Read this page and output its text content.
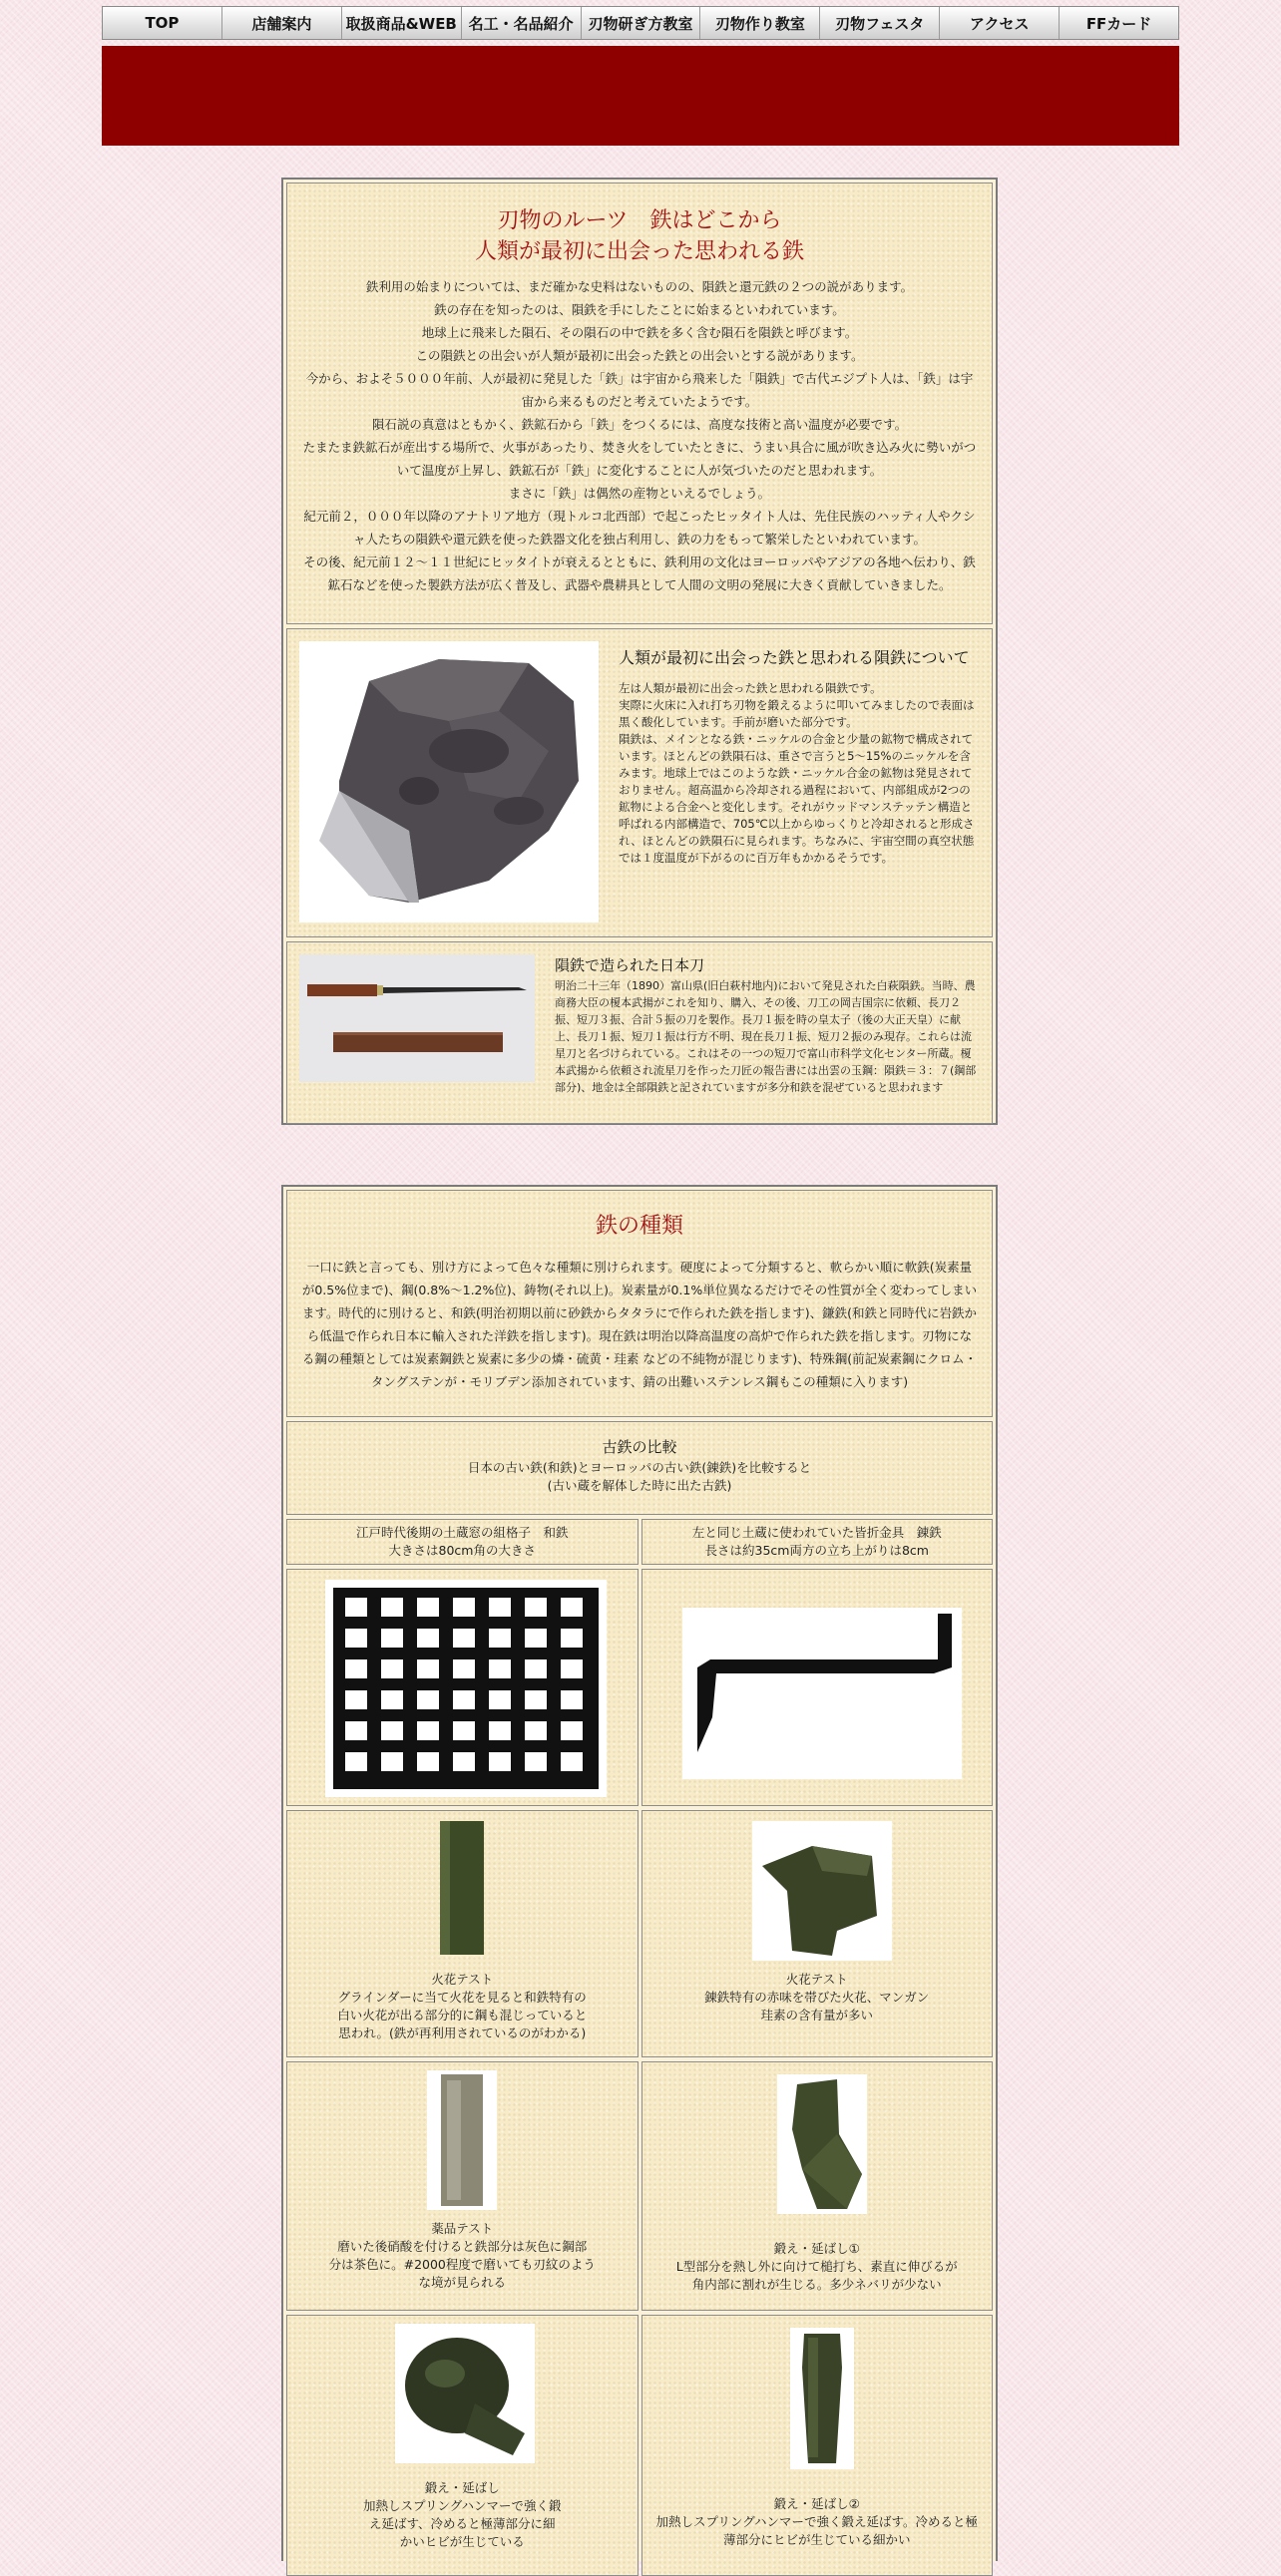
TOP	店舗案内	取扱商品&WEB 名工・名品紹介 刃物研ぎ方教室	刃物作り教室	刃物フェスタ	アクセス	FFカード
刃物のルーツ　鉄はどこから
人類が最初に出会った思われる鉄

鉄利用の始まりについては、まだ確かな史料はないものの、隕鉄と還元鉄の２つの説があります。

鉄の存在を知ったのは、隕鉄を手にしたことに始まるといわれています。

地球上に飛来した隕石、その隕石の中で鉄を多く含む隕石を隕鉄と呼びます。

この隕鉄との出会いが人類が最初に出会った鉄との出会いとする説があります。

今から、およそ５０００年前、人が最初に発見した「鉄」は宇宙から飛来した「隕鉄」で古代エジプト人は、「鉄」は宇宙から来るものだと考えていたようです。

隕石説の真意はともかく、鉄鉱石から「鉄」をつくるには、高度な技術と高い温度が必要です。

たまたま鉄鉱石が産出する場所で、火事があったり、焚き火をしていたときに、うまい具合に風が吹き込み火に勢いがついて温度が上昇し、鉄鉱石が「鉄」に変化することに人が気づいたのだと思われます。

まさに「鉄」は偶然の産物といえるでしょう。

紀元前２，０００年以降のアナトリア地方（現トルコ北西部）で起こったヒッタイト人は、先住民族のハッティ人やクシャ人たちの隕鉄や還元鉄を使った鉄器文化を独占利用し、鉄の力をもって繁栄したといわれています。

その後、紀元前１２～１１世紀にヒッタイトが衰えるとともに、鉄利用の文化はヨーロッパやアジアの各地へ伝わり、鉄鉱石などを使った製鉄方法が広く普及し、武器や農耕具として人間の文明の発展に大きく貢献していきました。

人類が最初に出会った鉄と思われる隕鉄について

左は人類が最初に出会った鉄と思われる隕鉄です。

実際に火床に入れ打ち刃物を鍛えるように叩いてみましたので表面は黒く酸化しています。手前が磨いた部分です。

隕鉄は、メインとなる鉄・ニッケルの合金と少量の鉱物で構成されています。ほとんどの鉄隕石は、重さで言うと5～15%のニッケルを含みます。地球上ではこのような鉄・ニッケル合金の鉱物は発見されておりません。超高温から冷却される過程において、内部組成が2つの鉱物による合金へと変化します。それがウッドマンステッテン構造と呼ばれる内部構造で、705℃以上からゆっくりと冷却されると形成され、ほとんどの鉄隕石に見られます。ちなみに、宇宙空間の真空状態では１度温度が下がるのに百万年もかかるそうです。

隕鉄で造られた日本刀

明治二十三年（1890）富山県(旧白萩村地内)において発見された白萩隕鉄。当時、農商務大臣の榎本武揚がこれを知り、購入、その後、刀工の岡吉国宗に依頼、長刀２振、短刀３振、合計５振の刀を製作。長刀１振を時の皇太子（後の大正天皇）に献上、長刀１振、短刀１振は行方不明、現在長刀１振、短刀２振のみ現存。これらは流星刀と名づけられている。これはその一つの短刀で富山市科学文化センター所蔵。榎本武揚から依頼され流星刀を作った刀匠の報告書には出雲の玉鋼：隕鉄＝３：７(鋼部部分)、地金は全部隕鉄と記されていますが多分和鉄を混ぜていると思われます

鉄の種類

一口に鉄と言っても、別け方によって色々な種類に別けられます。硬度によって分類すると、軟らかい順に軟鉄(炭素量が0.5%位まで)、鋼(0.8%～1.2%位)、鋳物(それ以上)。炭素量が0.1%単位異なるだけでその性質が全く変わってしまいます。時代的に別けると、和鉄(明治初期以前に砂鉄からタタラにで作られた鉄を指します)、鎌鉄(和鉄と同時代に岩鉄から低温で作られ日本に輸入された洋鉄を指します)。現在鉄は明治以降高温度の高炉で作られた鉄を指します。刃物になる鋼の種類としては炭素鋼鉄と炭素に多少の燐・硫黄・珪素 などの不純物が混じります)、特殊鋼(前記炭素鋼にクロム・タングステンが・モリブデン添加されています、錆の出難いステンレス鋼もこの種類に入ります)

古鉄の比較

日本の古い鉄(和鉄)とヨーロッパの古い鉄(錬鉄)を比較すると

(古い蔵を解体した時に出た古鉄)

江戸時代後期の土蔵窓の組格子　和鉄

大きさは80cm角の大きさ

左と同じ土蔵に使われていた皆折金具　錬鉄

長さは約35cm両方の立ち上がりは8cm

火花テスト

グラインダーに当て火花を見ると和鉄特有の

白い火花が出る部分的に鋼も混じっていると

思われ。(鉄が再利用されているのがわかる)

火花テスト

錬鉄特有の赤味を帯びた火花、マンガン

珪素の含有量が多い

薬品テスト

磨いた後硝酸を付けると鉄部分は灰色に鋼部

分は茶色に。#2000程度で磨いても刃紋のよう

な境が見られる

鍛え・延ばし①

L型部分を熱し外に向けて槌打ち、素直に伸びるが

角内部に割れが生じる。多少ネバリが少ない

鍛え・延ばし

加熱しスプリングハンマーで強く鍛

え延ばす、冷めると極薄部分に細

かいヒビが生じている

鍛え・延ばし②

加熱しスプリングハンマーで強く鍛え延ばす。冷めると極

薄部分にヒビが生じている細かい
